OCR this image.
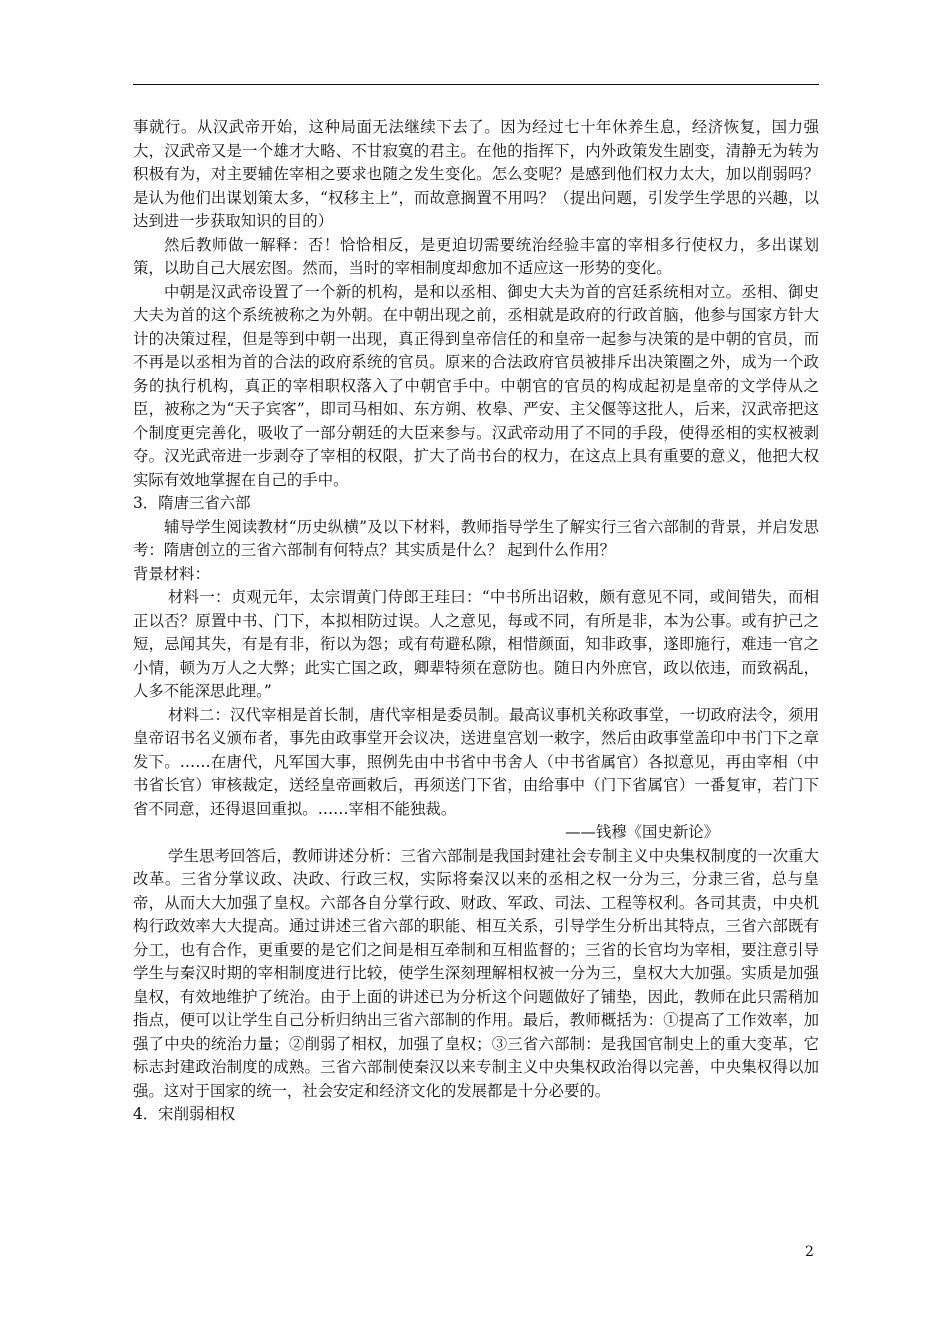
事就行。从汉武帝开始，这种局面无法继续下去了。因为经过七十年休养生息，经济恢复，国力强大，汉武帝又是一个雄才大略、不甘寂寞的君主。在他的指挥下，内外政策发生剧变，清静无为转为积极有为，对主要辅佐宰相之要求也随之发生变化。怎么变呢？是感到他们权力太大，加以削弱吗？是认为他们出谋划策太多，“权移主上”，而故意搁置不用吗？（提出问题，引发学生学思的兴趣，以达到进一步获取知识的目的）

然后教师做一解释：否！恰恰相反，是更迫切需要统治经验丰富的宰相多行使权力，多出谋划策，以助自己大展宏图。然而，当时的宰相制度却愈加不适应这一形势的变化。

中朝是汉武帝设置了一个新的机构，是和以丞相、御史大夫为首的宫廷系统相对立。丞相、御史大夫为首的这个系统被称之为外朝。在中朝出现之前，丞相就是政府的行政首脑，他参与国家方针大计的决策过程，但是等到中朝一出现，真正得到皇帝信任的和皇帝一起参与决策的是中朝的官员，而不再是以丞相为首的合法的政府系统的官员。原来的合法政府官员被排斥出决策圈之外，成为一个政务的执行机构，真正的宰相职权落入了中朝官手中。中朝官的官员的构成起初是皇帝的文学侍从之臣，被称之为“天子宾客”，即司马相如、东方朔、枚皋、严安、主父偃等这批人，后来，汉武帝把这个制度更完善化，吸收了一部分朝廷的大臣来参与。汉武帝动用了不同的手段，使得丞相的实权被剥夺。汉光武帝进一步剥夺了宰相的权限，扩大了尚书台的权力，在这点上具有重要的意义，他把大权实际有效地掌握在自己的手中。

3．隋唐三省六部

辅导学生阅读教材“历史纵横”及以下材料，教师指导学生了解实行三省六部制的背景，并启发思考：隋唐创立的三省六部制有何特点？其实质是什么？ 起到什么作用？

背景材料：

材料一：贞观元年，太宗谓黄门侍郎王珪曰：“中书所出诏敕，颇有意见不同，或间错失，而相正以否？原置中书、门下，本拟相防过误。人之意见，每或不同，有所是非，本为公事。或有护己之短，忌闻其失，有是有非，衔以为怨；或有苟避私隙，相惜颜面，知非政事，遂即施行，难违一官之小情，顿为万人之大弊；此实亡国之政，卿辈特须在意防也。随日内外庶官，政以依违，而致祸乱，人多不能深思此理。”

材料二：汉代宰相是首长制，唐代宰相是委员制。最高议事机关称政事堂，一切政府法令，须用皇帝诏书名义颁布者，事先由政事堂开会议决，送进皇宫划一敕字，然后由政事堂盖印中书门下之章发下。……在唐代，凡军国大事，照例先由中书省中书舍人（中书省属官）各拟意见，再由宰相（中书省长官）审核裁定，送经皇帝画敕后，再须送门下省，由给事中（门下省属官）一番复审，若门下省不同意，还得退回重拟。……宰相不能独裁。

——钱穆《国史新论》

学生思考回答后，教师讲述分析：三省六部制是我国封建社会专制主义中央集权制度的一次重大改革。三省分掌议政、决政、行政三权，实际将秦汉以来的丞相之权一分为三，分隶三省，总与皇帝，从而大大加强了皇权。六部各自分掌行政、财政、军政、司法、工程等权利。各司其责，中央机构行政效率大大提高。通过讲述三省六部的职能、相互关系，引导学生分析出其特点，三省六部既有分工，也有合作，更重要的是它们之间是相互牵制和互相监督的；三省的长官均为宰相，要注意引导学生与秦汉时期的宰相制度进行比较，使学生深刻理解相权被一分为三，皇权大大加强。实质是加强皇权，有效地维护了统治。由于上面的讲述已为分析这个问题做好了铺垫，因此，教师在此只需稍加指点，便可以让学生自己分析归纳出三省六部制的作用。最后，教师概括为：①提高了工作效率，加强了中央的统治力量；②削弱了相权，加强了皇权；③三省六部制：是我国官制史上的重大变革，它标志封建政治制度的成熟。三省六部制使秦汉以来专制主义中央集权政治得以完善，中央集权得以加强。这对于国家的统一，社会安定和经济文化的发展都是十分必要的。

4．宋削弱相权

2
